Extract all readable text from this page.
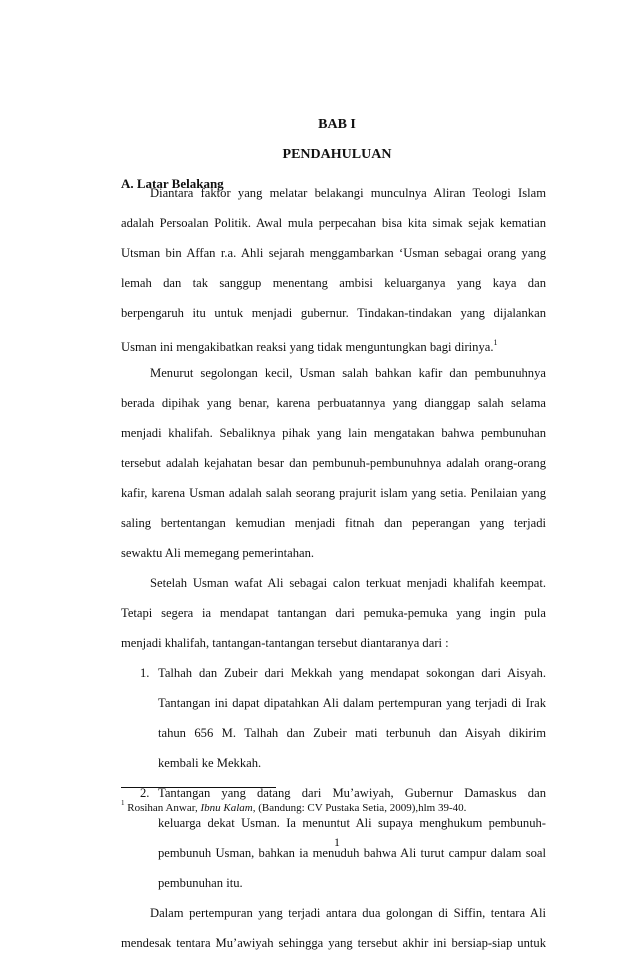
BAB I
PENDAHULUAN
A. Latar Belakang
Diantara faktor yang melatar belakangi munculnya Aliran Teologi Islam
adalah Persoalan Politik. Awal mula perpecahan bisa kita simak sejak kematian
Utsman bin Affan r.a. Ahli sejarah menggambarkan ‘Usman sebagai orang yang
lemah dan tak sanggup menentang ambisi keluarganya yang kaya dan
berpengaruh itu untuk menjadi gubernur. Tindakan-tindakan yang dijalankan
Usman ini mengakibatkan reaksi yang tidak menguntungkan bagi dirinya.$^1$
Menurut segolongan kecil, Usman salah bahkan kafir dan pembunuhnya
berada dipihak yang benar, karena perbuatannya yang dianggap salah selama
menjadi khalifah. Sebaliknya pihak yang lain mengatakan bahwa pembunuhan
tersebut adalah kejahatan besar dan pembunuh-pembunuhnya adalah orang-orang
kafir, karena Usman adalah salah seorang prajurit islam yang setia. Penilaian yang
saling bertentangan kemudian menjadi fitnah dan peperangan yang terjadi
sewaktu Ali memegang pemerintahan.
Setelah Usman wafat Ali sebagai calon terkuat menjadi khalifah keempat.
Tetapi segera ia mendapat tantangan dari pemuka-pemuka yang ingin pula
menjadi khalifah, tantangan-tantangan tersebut diantaranya dari :
1. Talhah dan Zubeir dari Mekkah yang mendapat sokongan dari Aisyah.
Tantangan ini dapat dipatahkan Ali dalam pertempuran yang terjadi di Irak
tahun 656 M. Talhah dan Zubeir mati terbunuh dan Aisyah dikirim
kembali ke Mekkah.
2. Tantangan yang datang dari Mu’awiyah, Gubernur Damaskus dan
keluarga dekat Usman. Ia menuntut Ali supaya menghukum pembunuh-
pembunuh Usman, bahkan ia menuduh bahwa Ali turut campur dalam soal
pembunuhan itu.
Dalam pertempuran yang terjadi antara dua golongan di Siffin, tentara Ali
mendesak tentara Mu’awiyah sehingga yang tersebut akhir ini bersiap-siap untuk
$^1$ Rosihan Anwar, Ibnu Kalam, (Bandung: CV Pustaka Setia, 2009),hlm 39-40.
1
